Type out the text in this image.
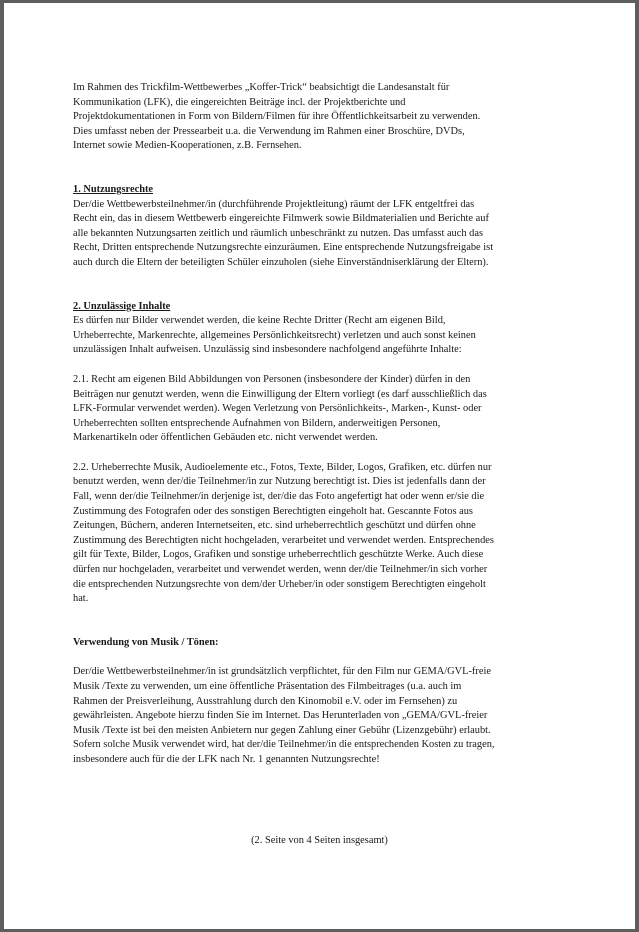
Im Rahmen des Trickfilm-Wettbewerbes „Koffer-Trick“ beabsichtigt die Landesanstalt für

Kommunikation (LFK), die eingereichten Beiträge incl. der Projektberichte und

Projektdokumentationen in Form von Bildern/Filmen für ihre Öffentlichkeitsarbeit zu verwenden.

Dies umfasst neben der Pressearbeit u.a. die Verwendung im Rahmen einer Broschüre, DVDs,

Internet sowie Medien-Kooperationen, z.B. Fernsehen.

1. Nutzungsrechte

Der/die Wettbewerbsteilnehmer/in (durchführende Projektleitung) räumt der LFK entgeltfrei das

Recht ein, das in diesem Wettbewerb eingereichte Filmwerk sowie Bildmaterialien und Berichte auf

alle bekannten Nutzungsarten zeitlich und räumlich unbeschränkt zu nutzen. Das umfasst auch das

Recht, Dritten entsprechende Nutzungsrechte einzuräumen. Eine entsprechende Nutzungsfreigabe ist

auch durch die Eltern der beteiligten Schüler einzuholen (siehe Einverständniserklärung der Eltern).

2. Unzulässige Inhalte

Es dürfen nur Bilder verwendet werden, die keine Rechte Dritter (Recht am eigenen Bild,

Urheberrechte, Markenrechte, allgemeines Persönlichkeitsrecht) verletzen und auch sonst keinen

unzulässigen Inhalt aufweisen. Unzulässig sind insbesondere nachfolgend angeführte Inhalte:

2.1. Recht am eigenen Bild Abbildungen von Personen (insbesondere der Kinder) dürfen in den

Beiträgen nur genutzt werden, wenn die Einwilligung der Eltern vorliegt (es darf ausschließlich das

LFK-Formular verwendet werden). Wegen Verletzung von Persönlichkeits-, Marken-, Kunst- oder

Urheberrechten sollten entsprechende Aufnahmen von Bildern, anderweitigen Personen,

Markenartikeln oder öffentlichen Gebäuden etc. nicht verwendet werden.

2.2. Urheberrechte Musik, Audioelemente etc., Fotos, Texte, Bilder, Logos, Grafiken, etc. dürfen nur

benutzt werden, wenn der/die Teilnehmer/in zur Nutzung berechtigt ist. Dies ist jedenfalls dann der

Fall, wenn der/die Teilnehmer/in derjenige ist, der/die das Foto angefertigt hat oder wenn er/sie die

Zustimmung des Fotografen oder des sonstigen Berechtigten eingeholt hat. Gescannte Fotos aus

Zeitungen, Büchern, anderen Internetseiten, etc. sind urheberrechtlich geschützt und dürfen ohne

Zustimmung des Berechtigten nicht hochgeladen, verarbeitet und verwendet werden. Entsprechendes

gilt für Texte, Bilder, Logos, Grafiken und sonstige urheberrechtlich geschützte Werke. Auch diese

dürfen nur hochgeladen, verarbeitet und verwendet werden, wenn der/die Teilnehmer/in sich vorher

die entsprechenden Nutzungsrechte von dem/der Urheber/in oder sonstigem Berechtigten eingeholt

hat.

Verwendung von Musik / Tönen:

Der/die Wettbewerbsteilnehmer/in ist grundsätzlich verpflichtet, für den Film nur GEMA/GVL-freie

Musik /Texte zu verwenden, um eine öffentliche Präsentation des Filmbeitrages (u.a. auch im

Rahmen der Preisverleihung, Ausstrahlung durch den Kinomobil e.V. oder im Fernsehen) zu

gewährleisten. Angebote hierzu finden Sie im Internet. Das Herunterladen von „GEMA/GVL-freier

Musik /Texte ist bei den meisten Anbietern nur gegen Zahlung einer Gebühr (Lizenzgebühr) erlaubt.

Sofern solche Musik verwendet wird, hat der/die Teilnehmer/in die entsprechenden Kosten zu tragen,

insbesondere auch für die der LFK nach Nr. 1 genannten Nutzungsrechte!

(2. Seite von 4 Seiten insgesamt)
